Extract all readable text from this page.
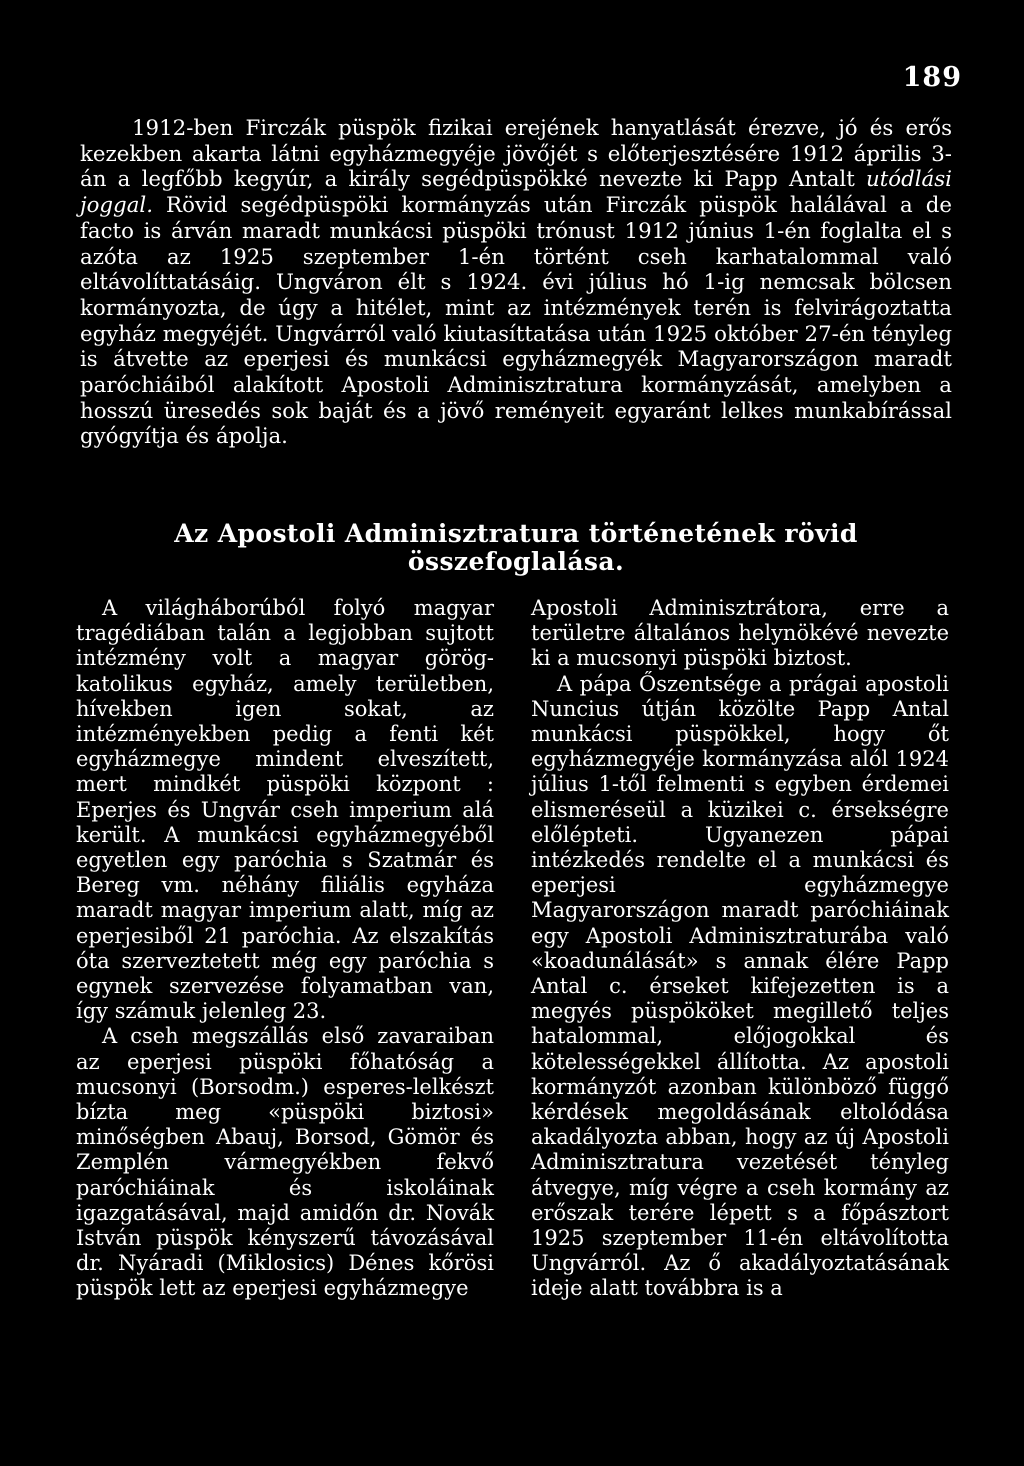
189

1912-ben Firczák püspök fizikai erejének hanyatlását érezve, jó és erős kezekben akarta látni egyházmegyéje jövőjét s előterjesztésére 1912 április 3-án a legfőbb kegyúr, a király segédpüspökké nevezte ki Papp Antalt utódlási joggal. Rövid segédpüspöki kormányzás után Firczák püspök halálával a de facto is árván maradt munkácsi püspöki trónust 1912 június 1-én foglalta el s azóta az 1925 szeptember 1-én történt cseh karhatalommal való eltávolíttatásáig. Ungváron élt s 1924. évi július hó 1-ig nemcsak bölcsen kormányozta, de úgy a hitélet, mint az intézmények terén is felvirágoztatta egyház megyéjét. Ungvárról való kiutasíttatása után 1925 október 27-én tényleg is átvette az eperjesi és munkácsi egyházmegyék Magyarországon maradt paróchiáiból alakított Apostoli Adminisztratura kormányzását, amelyben a hosszú üresedés sok baját és a jövő reményeit egyaránt lelkes munkabírással gyógyítja és ápolja.

Az Apostoli Adminisztratura történetének rövid
összefoglalása.

A világháborúból folyó magyar tragédiában talán a legjobban sujtott intézmény volt a magyar görög-katolikus egyház, amely területben, hívekben igen sokat, az intézményekben pedig a fenti két egyházmegye mindent elveszített, mert mindkét püspöki központ : Eperjes és Ungvár cseh imperium alá került. A munkácsi egyházmegyéből egyetlen egy paróchia s Szatmár és Bereg vm. néhány filiális egyháza maradt magyar imperium alatt, míg az eperjesiből 21 paróchia. Az elszakítás óta szerveztetett még egy paróchia s egynek szervezése folyamatban van, így számuk jelenleg 23.

A cseh megszállás első zavaraiban az eperjesi püspöki főhatóság a mucsonyi (Borsodm.) esperes-lelkészt bízta meg «püspöki biztosi» minőségben Abauj, Borsod, Gömör és Zemplén vármegyékben fekvő paróchiáinak és iskoláinak igazgatásával, majd amidőn dr. Novák István püspök kényszerű távozásával dr. Nyáradi (Miklosics) Dénes kőrösi püspök lett az eperjesi egyházmegye

Apostoli Adminisztrátora, erre a területre általános helynökévé nevezte ki a mucsonyi püspöki biztost.

A pápa Őszentsége a prágai apostoli Nuncius útján közölte Papp Antal munkácsi püspökkel, hogy őt egyházmegyéje kormányzása alól 1924 július 1-től felmenti s egyben érdemei elismeréseül a küzikei c. érsekségre előlépteti. Ugyanezen pápai intézkedés rendelte el a munkácsi és eperjesi egyházmegye Magyarországon maradt paróchiáinak egy Apostoli Adminisztraturába való «koadunálását» s annak élére Papp Antal c. érseket kifejezetten is a megyés püspököket megillető teljes hatalommal, előjogokkal és kötelességekkel állította. Az apostoli kormányzót azonban különböző függő kérdések megoldásának eltolódása akadályozta abban, hogy az új Apostoli Adminisztratura vezetését tényleg átvegye, míg végre a cseh kormány az erőszak terére lépett s a főpásztort 1925 szeptember 11-én eltávolította Ungvárról. Az ő akadályoztatásának ideje alatt továbbra is a
